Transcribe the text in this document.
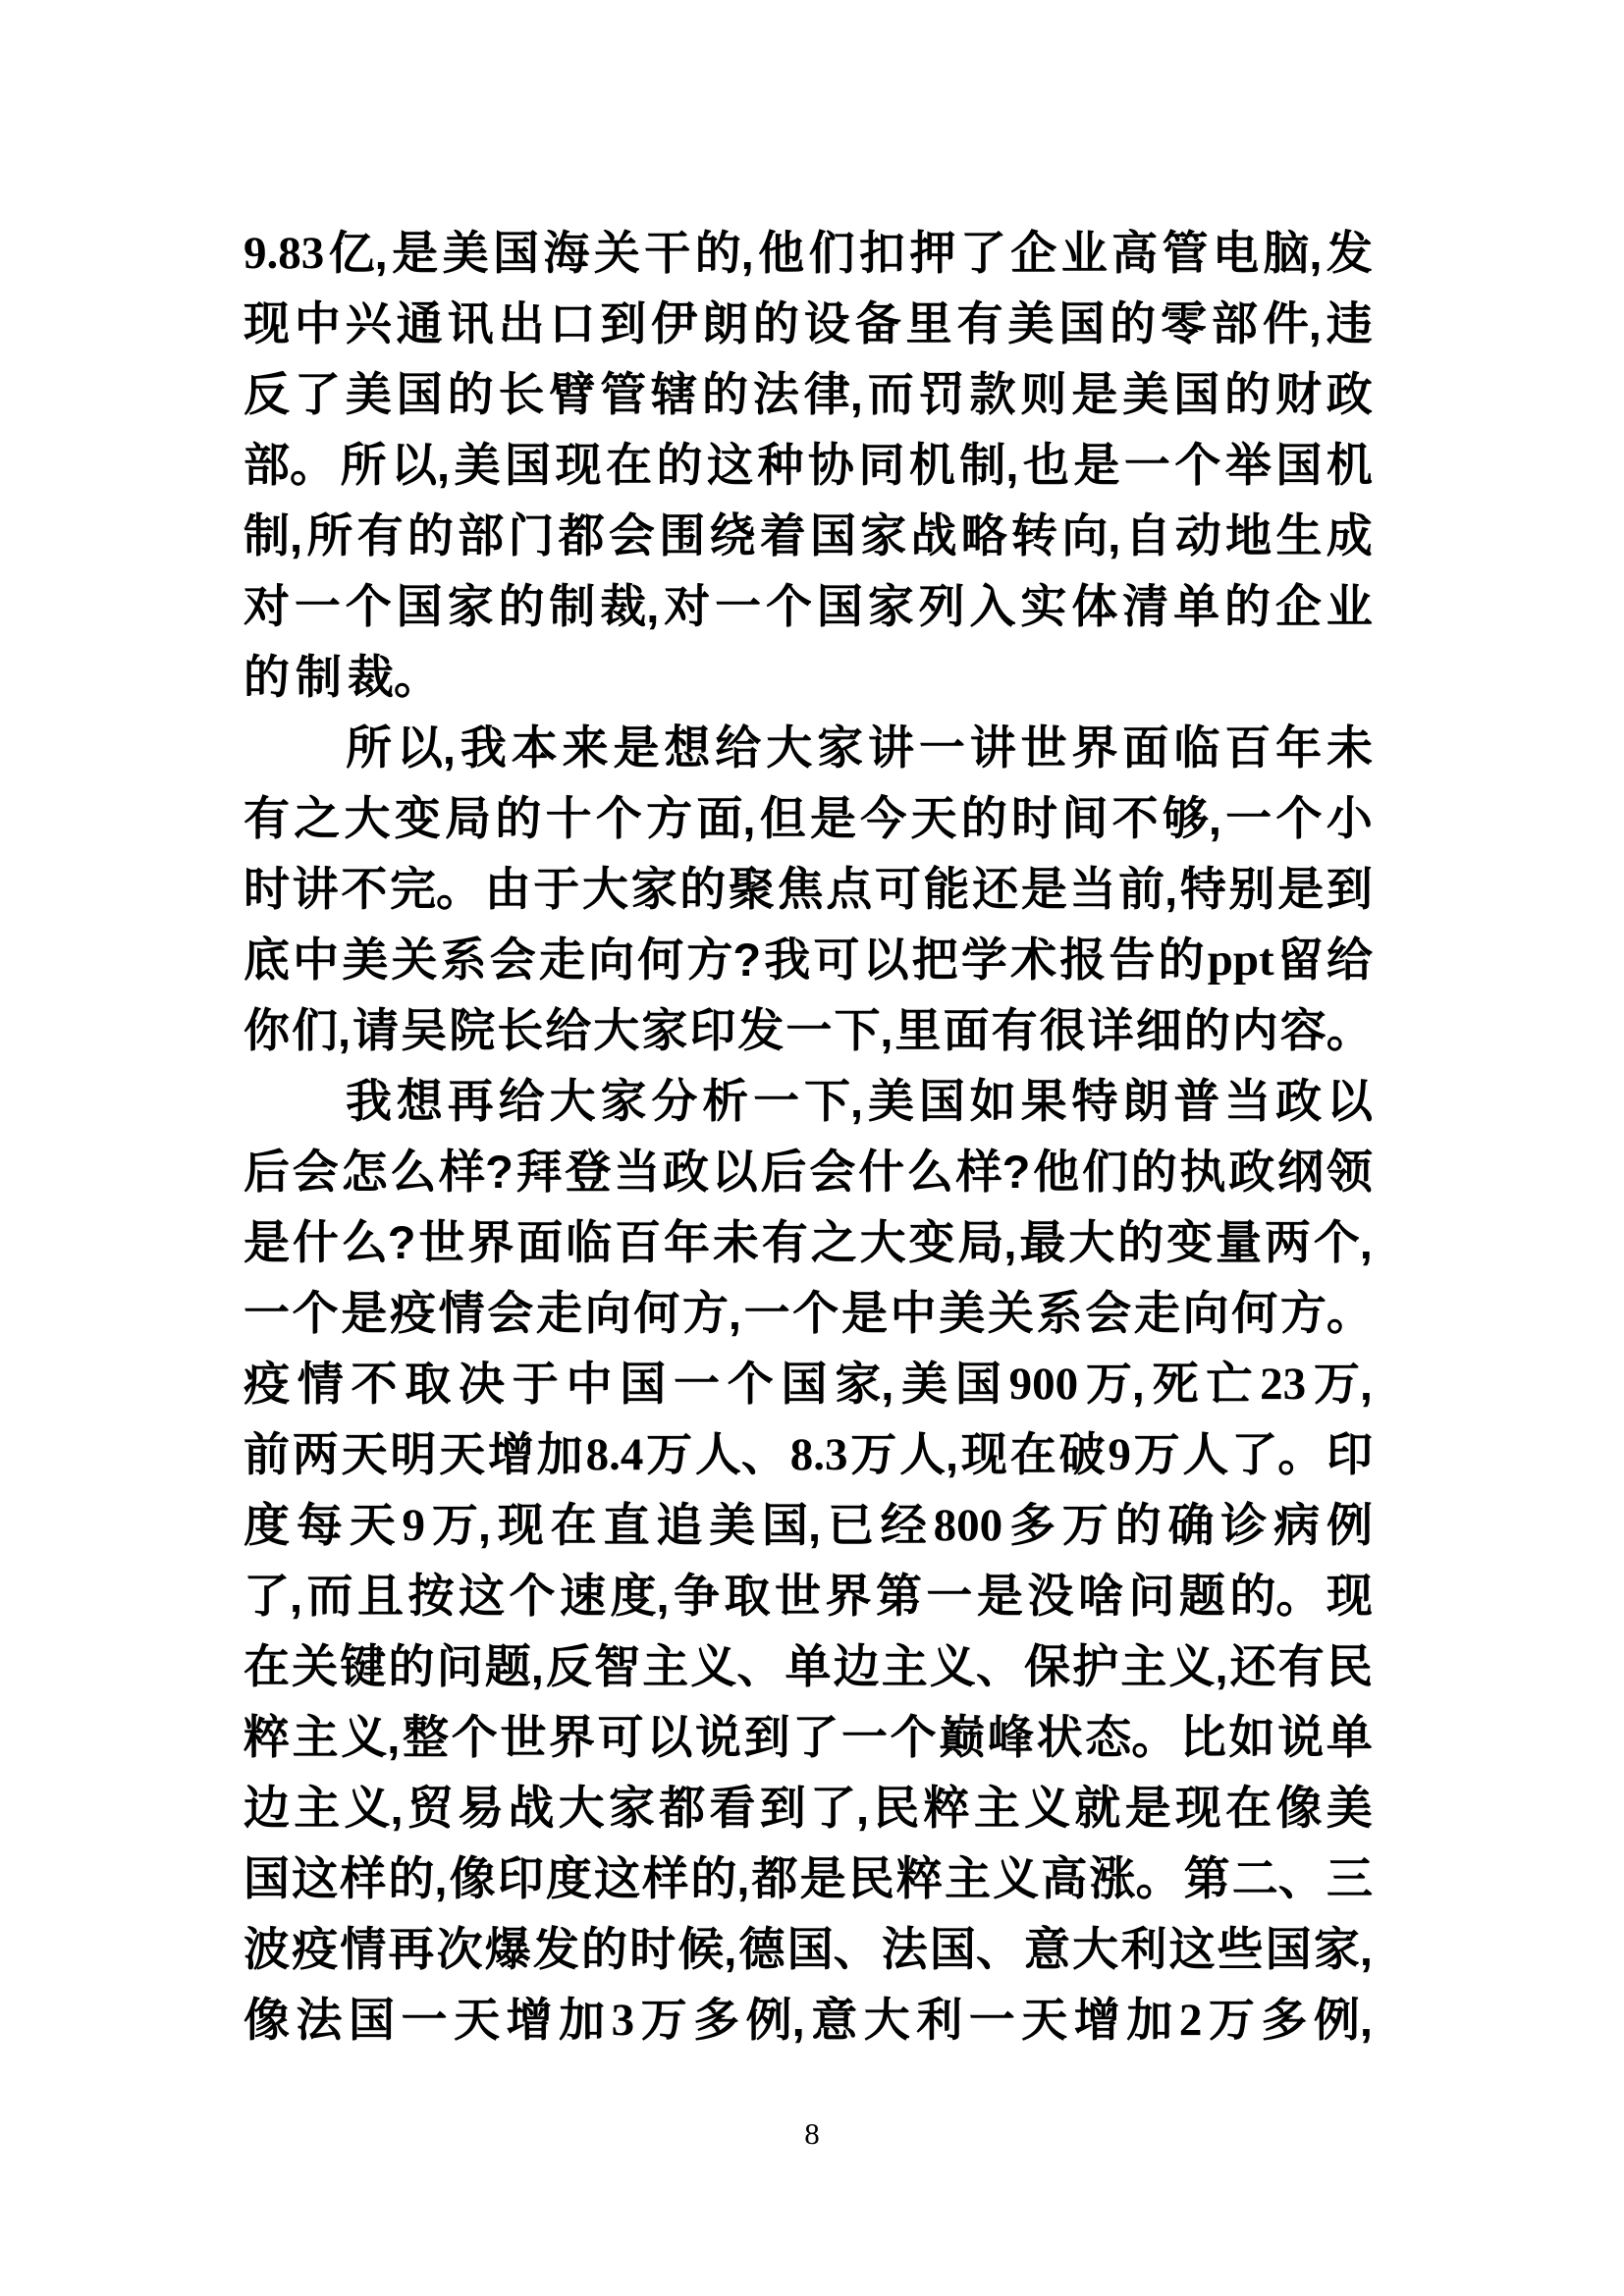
9.83 亿, 是 美 国 海 关 干 的, 他 们 扣 押 了 企 业 高 管 电 脑, 发
现 中 兴 通 讯 出 口 到 伊 朗 的 设 备 里 有 美 国 的 零 部 件, 违
反 了 美 国 的 长 臂 管 辖 的 法 律, 而 罚 款 则 是 美 国 的 财 政
部。 所 以, 美 国 现 在 的 这 种 协 同 机 制, 也 是 一 个 举 国 机
制, 所 有 的 部 门 都 会 围 绕 着 国 家 战 略 转 向, 自 动 地 生 成
对 一 个 国 家 的 制 裁, 对 一 个 国 家 列 入 实 体 清 单 的 企 业
的 制 裁。
所 以, 我 本 来 是 想 给 大 家 讲 一 讲 世 界 面 临 百 年 未
有 之 大 变 局 的 十 个 方 面, 但 是 今 天 的 时 间 不 够, 一 个 小
时 讲 不 完。 由 于 大 家 的 聚 焦 点 可 能 还 是 当 前, 特 别 是 到
底 中 美 关 系 会 走 向 何 方? 我 可 以 把 学 术 报 告 的 ppt 留 给
你 们, 请 吴 院 长 给 大 家 印 发 一 下, 里 面 有 很 详 细 的 内 容。
我 想 再 给 大 家 分 析 一 下, 美 国 如 果 特 朗 普 当 政 以
后 会 怎 么 样? 拜 登 当 政 以 后 会 什 么 样? 他 们 的 执 政 纲 领
是 什 么? 世 界 面 临 百 年 未 有 之 大 变 局, 最 大 的 变 量 两 个,
一 个 是 疫 情 会 走 向 何 方, 一 个 是 中 美 关 系 会 走 向 何 方。
疫 情 不 取 决 于 中 国 一 个 国 家, 美 国 900 万, 死 亡 23 万,
前 两 天 明 天 增 加 8.4 万 人、 8.3 万 人, 现 在 破 9 万 人 了。 印
度 每 天 9 万, 现 在 直 追 美 国, 已 经 800 多 万 的 确 诊 病 例
了, 而 且 按 这 个 速 度, 争 取 世 界 第 一 是 没 啥 问 题 的。 现
在 关 键 的 问 题, 反 智 主 义、 单 边 主 义、 保 护 主 义, 还 有 民
粹 主 义, 整 个 世 界 可 以 说 到 了 一 个 巅 峰 状 态。 比 如 说 单
边 主 义, 贸 易 战 大 家 都 看 到 了, 民 粹 主 义 就 是 现 在 像 美
国 这 样 的, 像 印 度 这 样 的, 都 是 民 粹 主 义 高 涨。 第 二、 三
波 疫 情 再 次 爆 发 的 时 候, 德 国、 法 国、 意 大 利 这 些 国 家,
像 法 国 一 天 增 加 3 万 多 例, 意 大 利 一 天 增 加 2 万 多 例,
8
